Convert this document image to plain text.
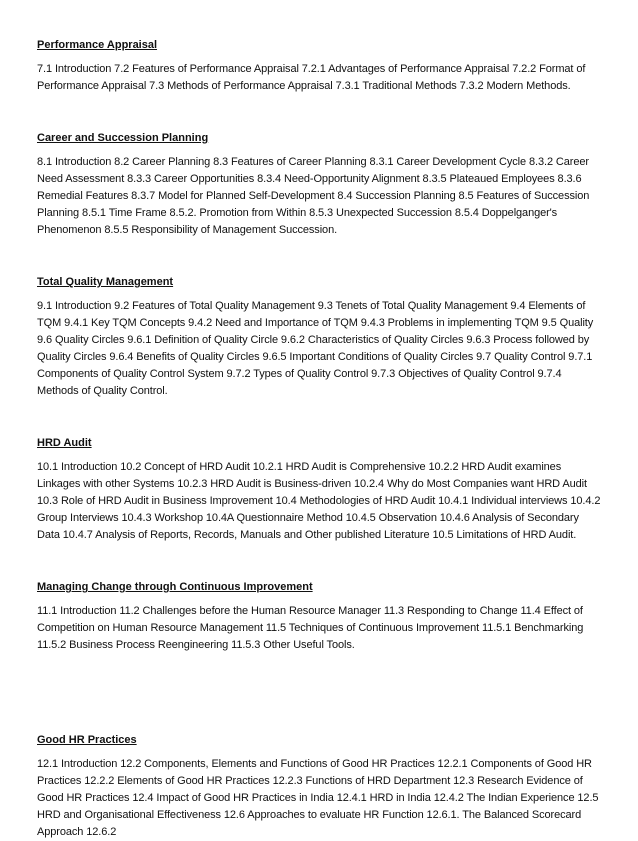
Performance Appraisal

7.1 Introduction 7.2 Features of Performance Appraisal 7.2.1 Advantages of Performance Appraisal 7.2.2 Format of Performance Appraisal 7.3 Methods of Performance Appraisal 7.3.1 Traditional Methods 7.3.2 Modern Methods.

Career and Succession Planning

8.1 Introduction 8.2 Career Planning 8.3 Features of Career Planning 8.3.1 Career Development Cycle 8.3.2 Career Need Assessment 8.3.3 Career Opportunities 8.3.4 Need-Opportunity Alignment 8.3.5 Plateaued Employees 8.3.6 Remedial Features 8.3.7 Model for Planned Self-Development 8.4 Succession Planning 8.5 Features of Succession Planning 8.5.1 Time Frame 8.5.2. Promotion from Within 8.5.3 Unexpected Succession 8.5.4 Doppelganger's Phenomenon 8.5.5 Responsibility of Management Succession.

Total Quality Management

9.1 Introduction 9.2 Features of Total Quality Management 9.3 Tenets of Total Quality Management 9.4 Elements of TQM 9.4.1 Key TQM Concepts 9.4.2 Need and Importance of TQM 9.4.3 Problems in implementing TQM 9.5 Quality 9.6 Quality Circles 9.6.1 Definition of Quality Circle 9.6.2 Characteristics of Quality Circles 9.6.3 Process followed by Quality Circles 9.6.4 Benefits of Quality Circles 9.6.5 Important Conditions of Quality Circles 9.7 Quality Control 9.7.1 Components of Quality Control System 9.7.2 Types of Quality Control 9.7.3 Objectives of Quality Control 9.7.4 Methods of Quality Control.

HRD Audit

10.1 Introduction 10.2 Concept of HRD Audit 10.2.1 HRD Audit is Comprehensive 10.2.2 HRD Audit examines Linkages with other Systems 10.2.3 HRD Audit is Business-driven 10.2.4 Why do Most Companies want HRD Audit 10.3 Role of HRD Audit in Business Improvement 10.4 Methodologies of HRD Audit 10.4.1 Individual interviews 10.4.2 Group Interviews 10.4.3 Workshop 10.4A Questionnaire Method 10.4.5 Observation 10.4.6 Analysis of Secondary Data 10.4.7 Analysis of Reports, Records, Manuals and Other published Literature 10.5 Limitations of HRD Audit.

Managing Change through Continuous Improvement

11.1 Introduction 11.2 Challenges before the Human Resource Manager 11.3 Responding to Change 11.4 Effect of Competition on Human Resource Management 11.5 Techniques of Continuous Improvement 11.5.1 Benchmarking 11.5.2 Business Process Reengineering 11.5.3 Other Useful Tools.

Good HR Practices

12.1 Introduction 12.2 Components, Elements and Functions of Good HR Practices 12.2.1 Components of Good HR Practices 12.2.2 Elements of Good HR Practices 12.2.3 Functions of HRD Department 12.3 Research Evidence of Good HR Practices 12.4 Impact of Good HR Practices in India 12.4.1 HRD in India 12.4.2 The Indian Experience 12.5 HRD and Organisational Effectiveness 12.6 Approaches to evaluate HR Function 12.6.1. The Balanced Scorecard Approach 12.6.2
